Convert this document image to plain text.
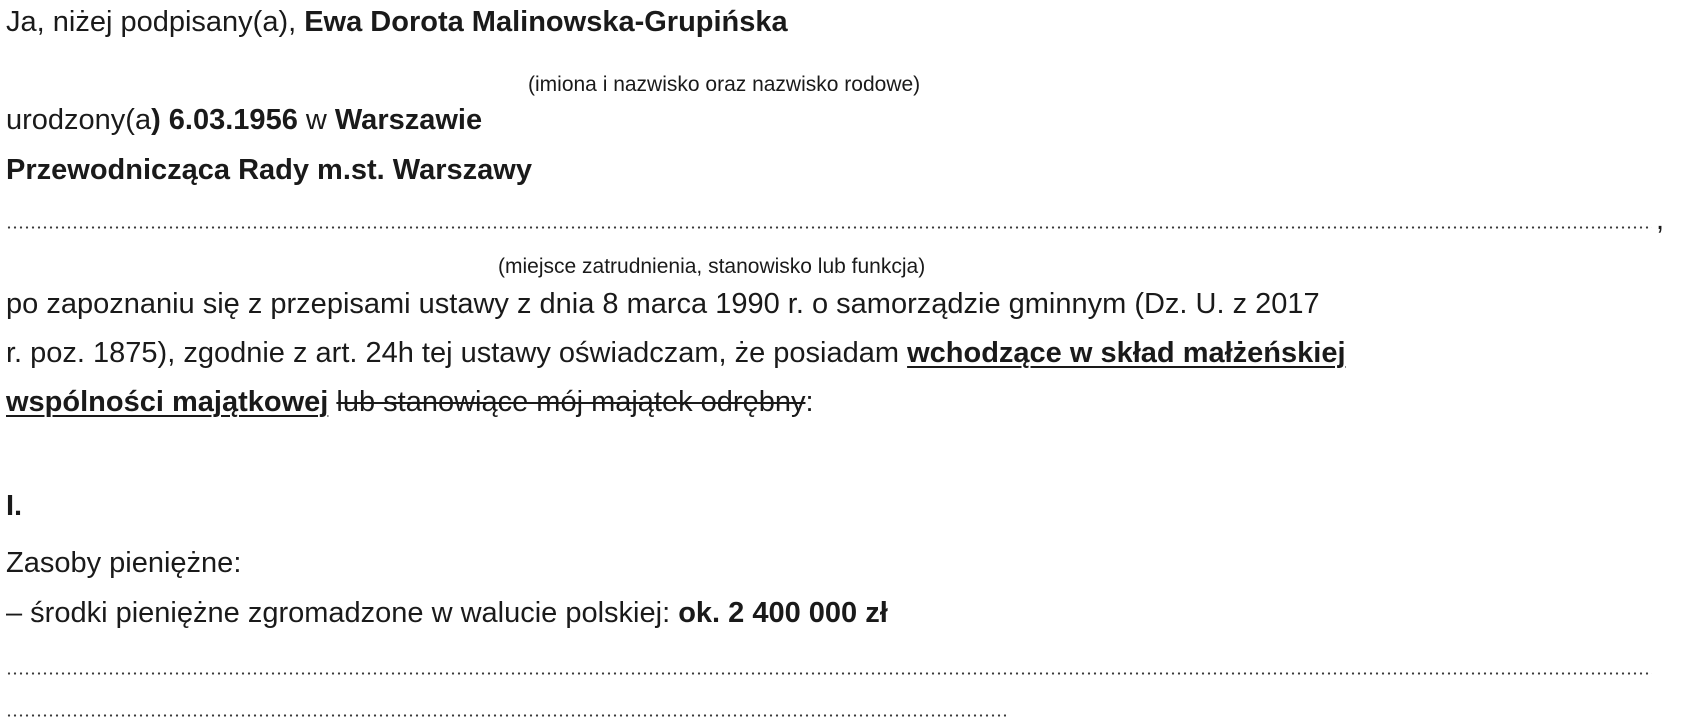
Ja, niżej podpisany(a), Ewa Dorota Malinowska-Grupińska
(imiona i nazwisko oraz nazwisko rodowe)
urodzony(a) 6.03.1956 w Warszawie
Przewodnicząca Rady m.st. Warszawy
,
(miejsce zatrudnienia, stanowisko lub funkcja)
po zapoznaniu się z przepisami ustawy z dnia 8 marca 1990 r. o samorządzie gminnym (Dz. U. z 2017
r. poz. 1875), zgodnie z art. 24h tej ustawy oświadczam, że posiadam wchodzące w skład małżeńskiej
wspólności majątkowej lub stanowiące mój majątek odrębny:
I.
Zasoby pieniężne:
– środki pieniężne zgromadzone w walucie polskiej: ok. 2 400 000 zł
